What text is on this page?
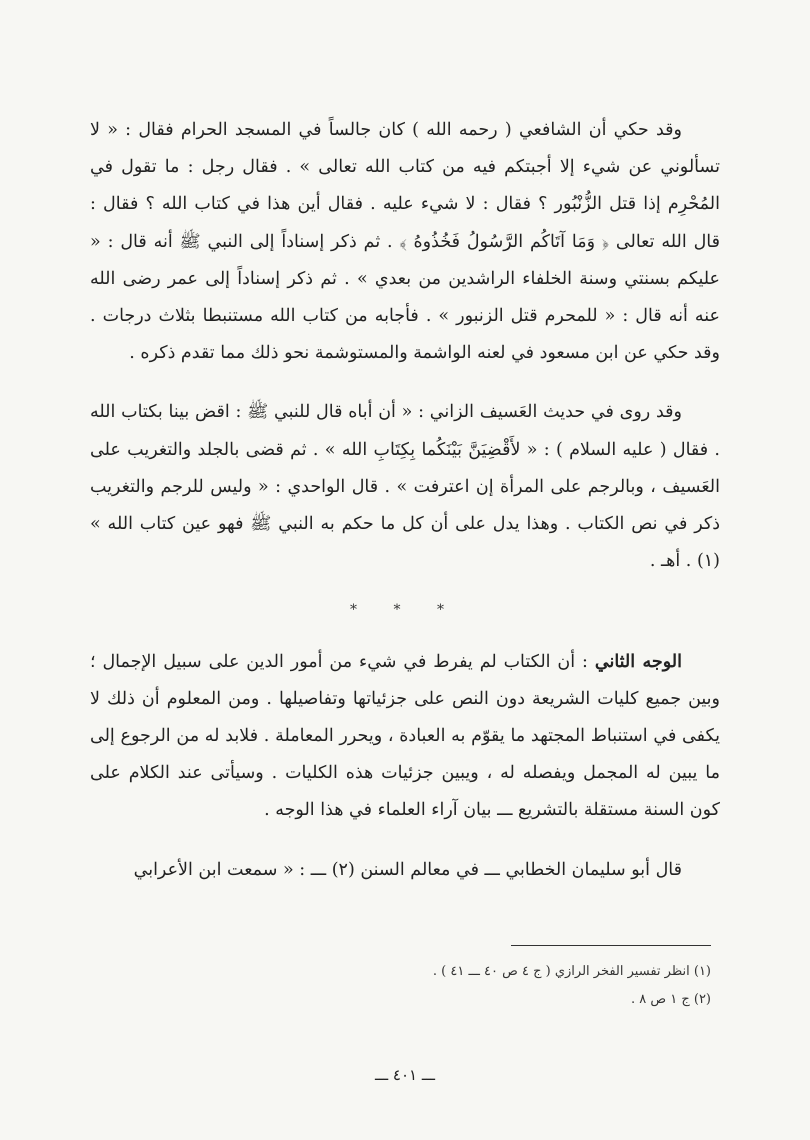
وقد حكي أن الشافعي ( رحمه الله ) كان جالساً في المسجد الحرام فقال : « لا تسألوني عن شيء إلا أجبتكم فيه من كتاب الله تعالى » . فقال رجل : ما تقول في المُحْرِم إذا قتل الزُّنْبُور ؟ فقال : لا شيء عليه . فقال أين هذا في كتاب الله ؟ فقال : قال الله تعالى ﴿ وَمَا آتَاكُم الرَّسُولُ فَخُذُوهُ ﴾ . ثم ذكر إسناداً إلى النبي ﷺ أنه قال : « عليكم بسنتي وسنة الخلفاء الراشدين من بعدي » . ثم ذكر إسناداً إلى عمر رضى الله عنه أنه قال : « للمحرم قتل الزنبور » . فأجابه من كتاب الله مستنبطا بثلاث درجات . وقد حكي عن ابن مسعود في لعنه الواشمة والمستوشمة نحو ذلك مما تقدم ذكره .

وقد روى في حديث العَسيف الزاني : « أن أباه قال للنبي ﷺ : اقض بينا بكتاب الله . فقال ( عليه السلام ) : « لأَقْضِيَنَّ بَيْنَكُما بِكِتَابِ الله » . ثم قضى بالجلد والتغريب على العَسيف ، وبالرجم على المرأة إن اعترفت » . قال الواحدي : « وليس للرجم والتغريب ذكر في نص الكتاب . وهذا يدل على أن كل ما حكم به النبي ﷺ فهو عين كتاب الله » (١) . أهـ .

* * *

الوجه الثاني : أن الكتاب لم يفرط في شيء من أمور الدين على سبيل الإجمال ؛ وبين جميع كليات الشريعة دون النص على جزئياتها وتفاصيلها . ومن المعلوم أن ذلك لا يكفى في استنباط المجتهد ما يقوّم به العبادة ، ويحرر المعاملة . فلابد له من الرجوع إلى ما يبين له المجمل ويفصله له ، ويبين جزئيات هذه الكليات . وسيأتى عند الكلام على كون السنة مستقلة بالتشريع ـــ بيان آراء العلماء في هذا الوجه .

قال أبو سليمان الخطابي ـــ في معالم السنن (٢) ـــ : « سمعت ابن الأعرابي

(١) انظر تفسير الفخر الرازي ( ج ٤ ص ٤٠ ـــ ٤١ ) .
(٢) ج ١ ص ٨ .
ـــ ٤٠١ ـــ
